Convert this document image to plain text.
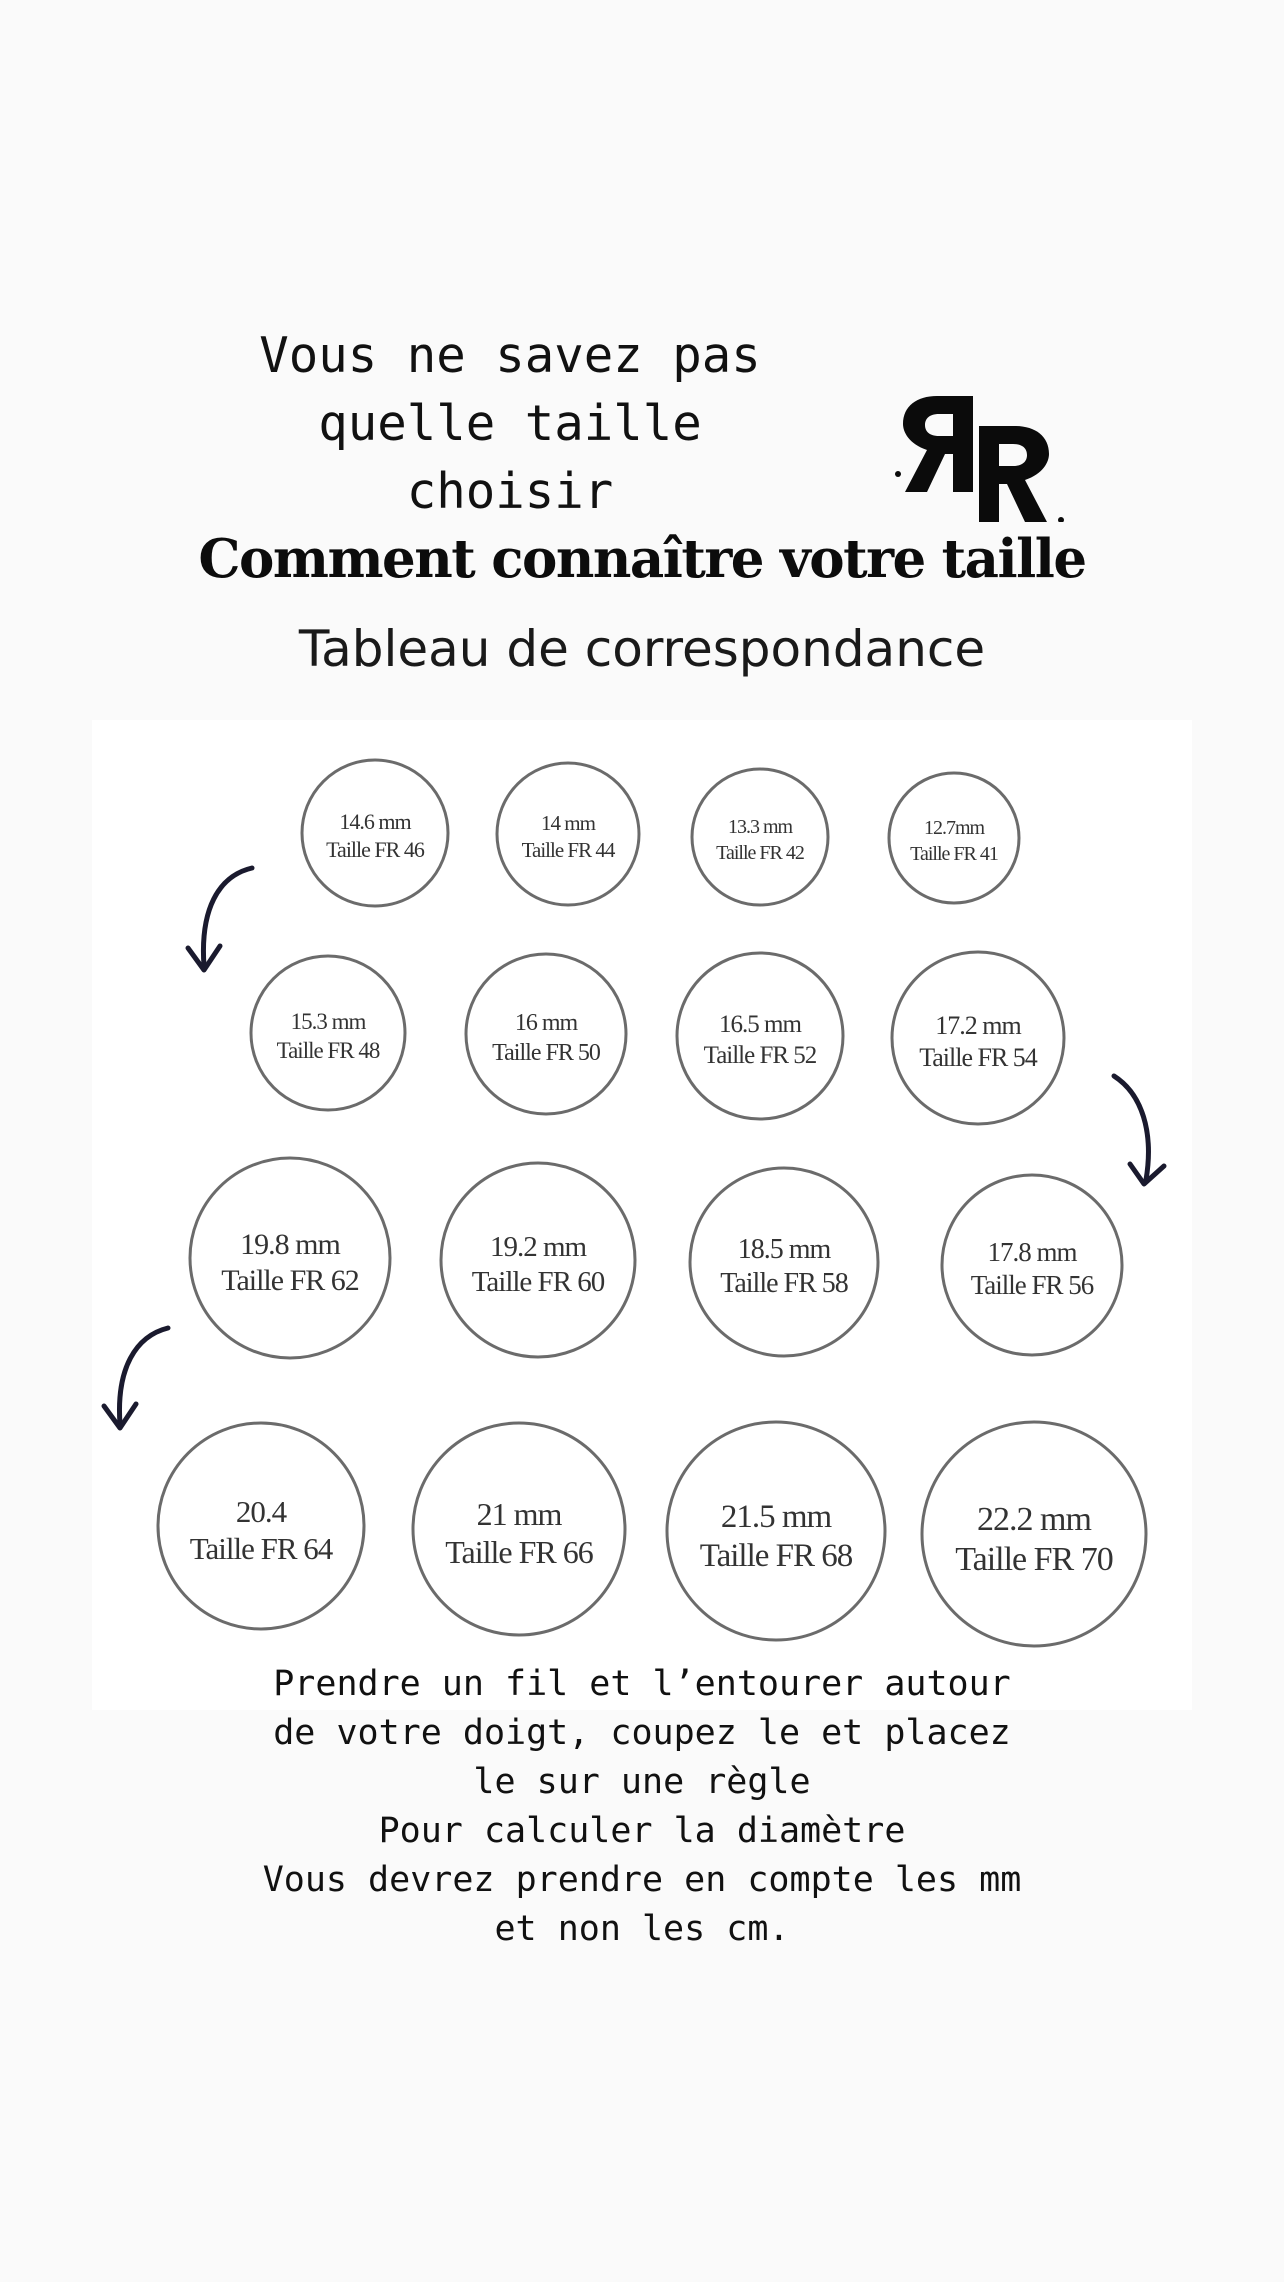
Vous ne savez pas
quelle taille
choisir

Comment connaître votre taille
Tableau de correspondance
14.6 mm
Taille FR 46
14 mm
Taille FR 44
13.3 mm
Taille FR 42
12.7mm
Taille FR 41
15.3 mm
Taille FR 48
16 mm
Taille FR 50
16.5 mm
Taille FR 52
17.2 mm
Taille FR 54
19.8 mm
Taille FR 62
19.2 mm
Taille FR 60
18.5 mm
Taille FR 58
17.8 mm
Taille FR 56
20.4
Taille FR 64
21 mm
Taille FR 66
21.5 mm
Taille FR 68
22.2 mm
Taille FR 70

Prendre un fil et l’entourer autour
de votre doigt, coupez le et placez
le sur une règle
Pour calculer la diamètre
Vous devrez prendre en compte les mm
et non les cm.
